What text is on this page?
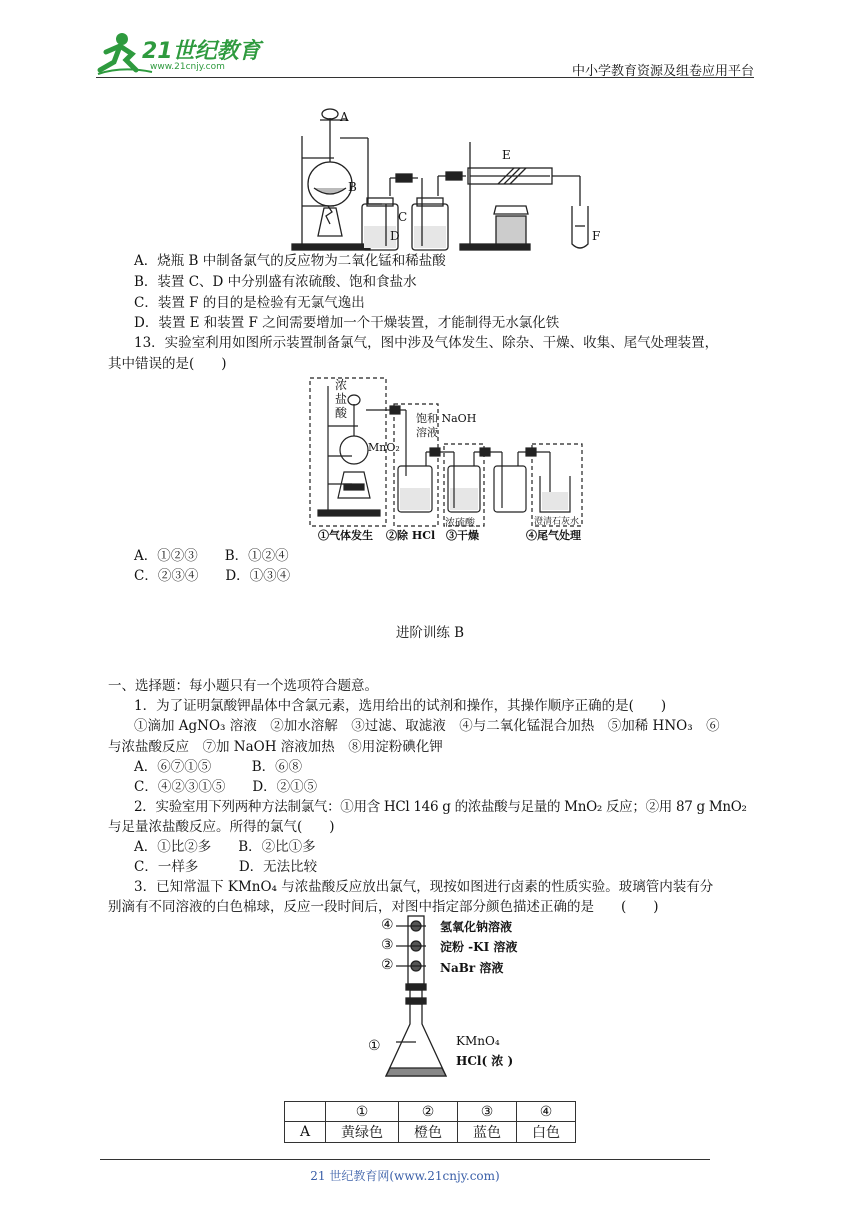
21世纪教育
www.21cnjy.com	中小学教育资源及组卷应用平台
A
B
C
D
E
F
A．烧瓶 B 中制备氯气的反应物为二氧化锰和稀盐酸
B．装置 C、D 中分别盛有浓硫酸、饱和食盐水
C．装置 F 的目的是检验有无氯气逸出
D．装置 E 和装置 F 之间需要增加一个干燥装置，才能制得无水氯化铁
13．实验室利用如图所示装置制备氯气，图中涉及气体发生、除杂、干燥、收集、尾气处理装置，
其中错误的是(　　)
浓盐酸
MnO₂
饱和 NaOH 溶液
浓硫酸	澄清石灰水
①气体发生 ②除 HCl ③干燥	④尾气处理
A．①②③　　B．①②④
C．②③④　　D．①③④
进阶训练 B
一、选择题：每小题只有一个选项符合题意。
1．为了证明氯酸钾晶体中含氯元素，选用给出的试剂和操作，其操作顺序正确的是(　　)
①滴加 AgNO₃ 溶液　②加水溶解　③过滤、取滤液　④与二氧化锰混合加热　⑤加稀 HNO₃　⑥
与浓盐酸反应　⑦加 NaOH 溶液加热　⑧用淀粉碘化钾
A．⑥⑦①⑤　　　B．⑥⑧
C．④②③①⑤　　D．②①⑤
2．实验室用下列两种方法制氯气：①用含 HCl 146 g 的浓盐酸与足量的 MnO₂ 反应；②用 87 g MnO₂
与足量浓盐酸反应。所得的氯气(　　)
A．①比②多　　B．②比①多
C．一样多　　　D．无法比较
3．已知常温下 KMnO₄ 与浓盐酸反应放出氯气，现按如图进行卤素的性质实验。玻璃管内装有分
别滴有不同溶液的白色棉球，反应一段时间后，对图中指定部分颜色描述正确的是　　(　　)
④	氢氧化钠溶液
③	淀粉 -KI 溶液
②	NaBr 溶液
①	KMnO₄
HCl( 浓 )
	①	②	③	④
A	黄绿色	橙色	蓝色	白色
21 世纪教育网(www.21cnjy.com)
